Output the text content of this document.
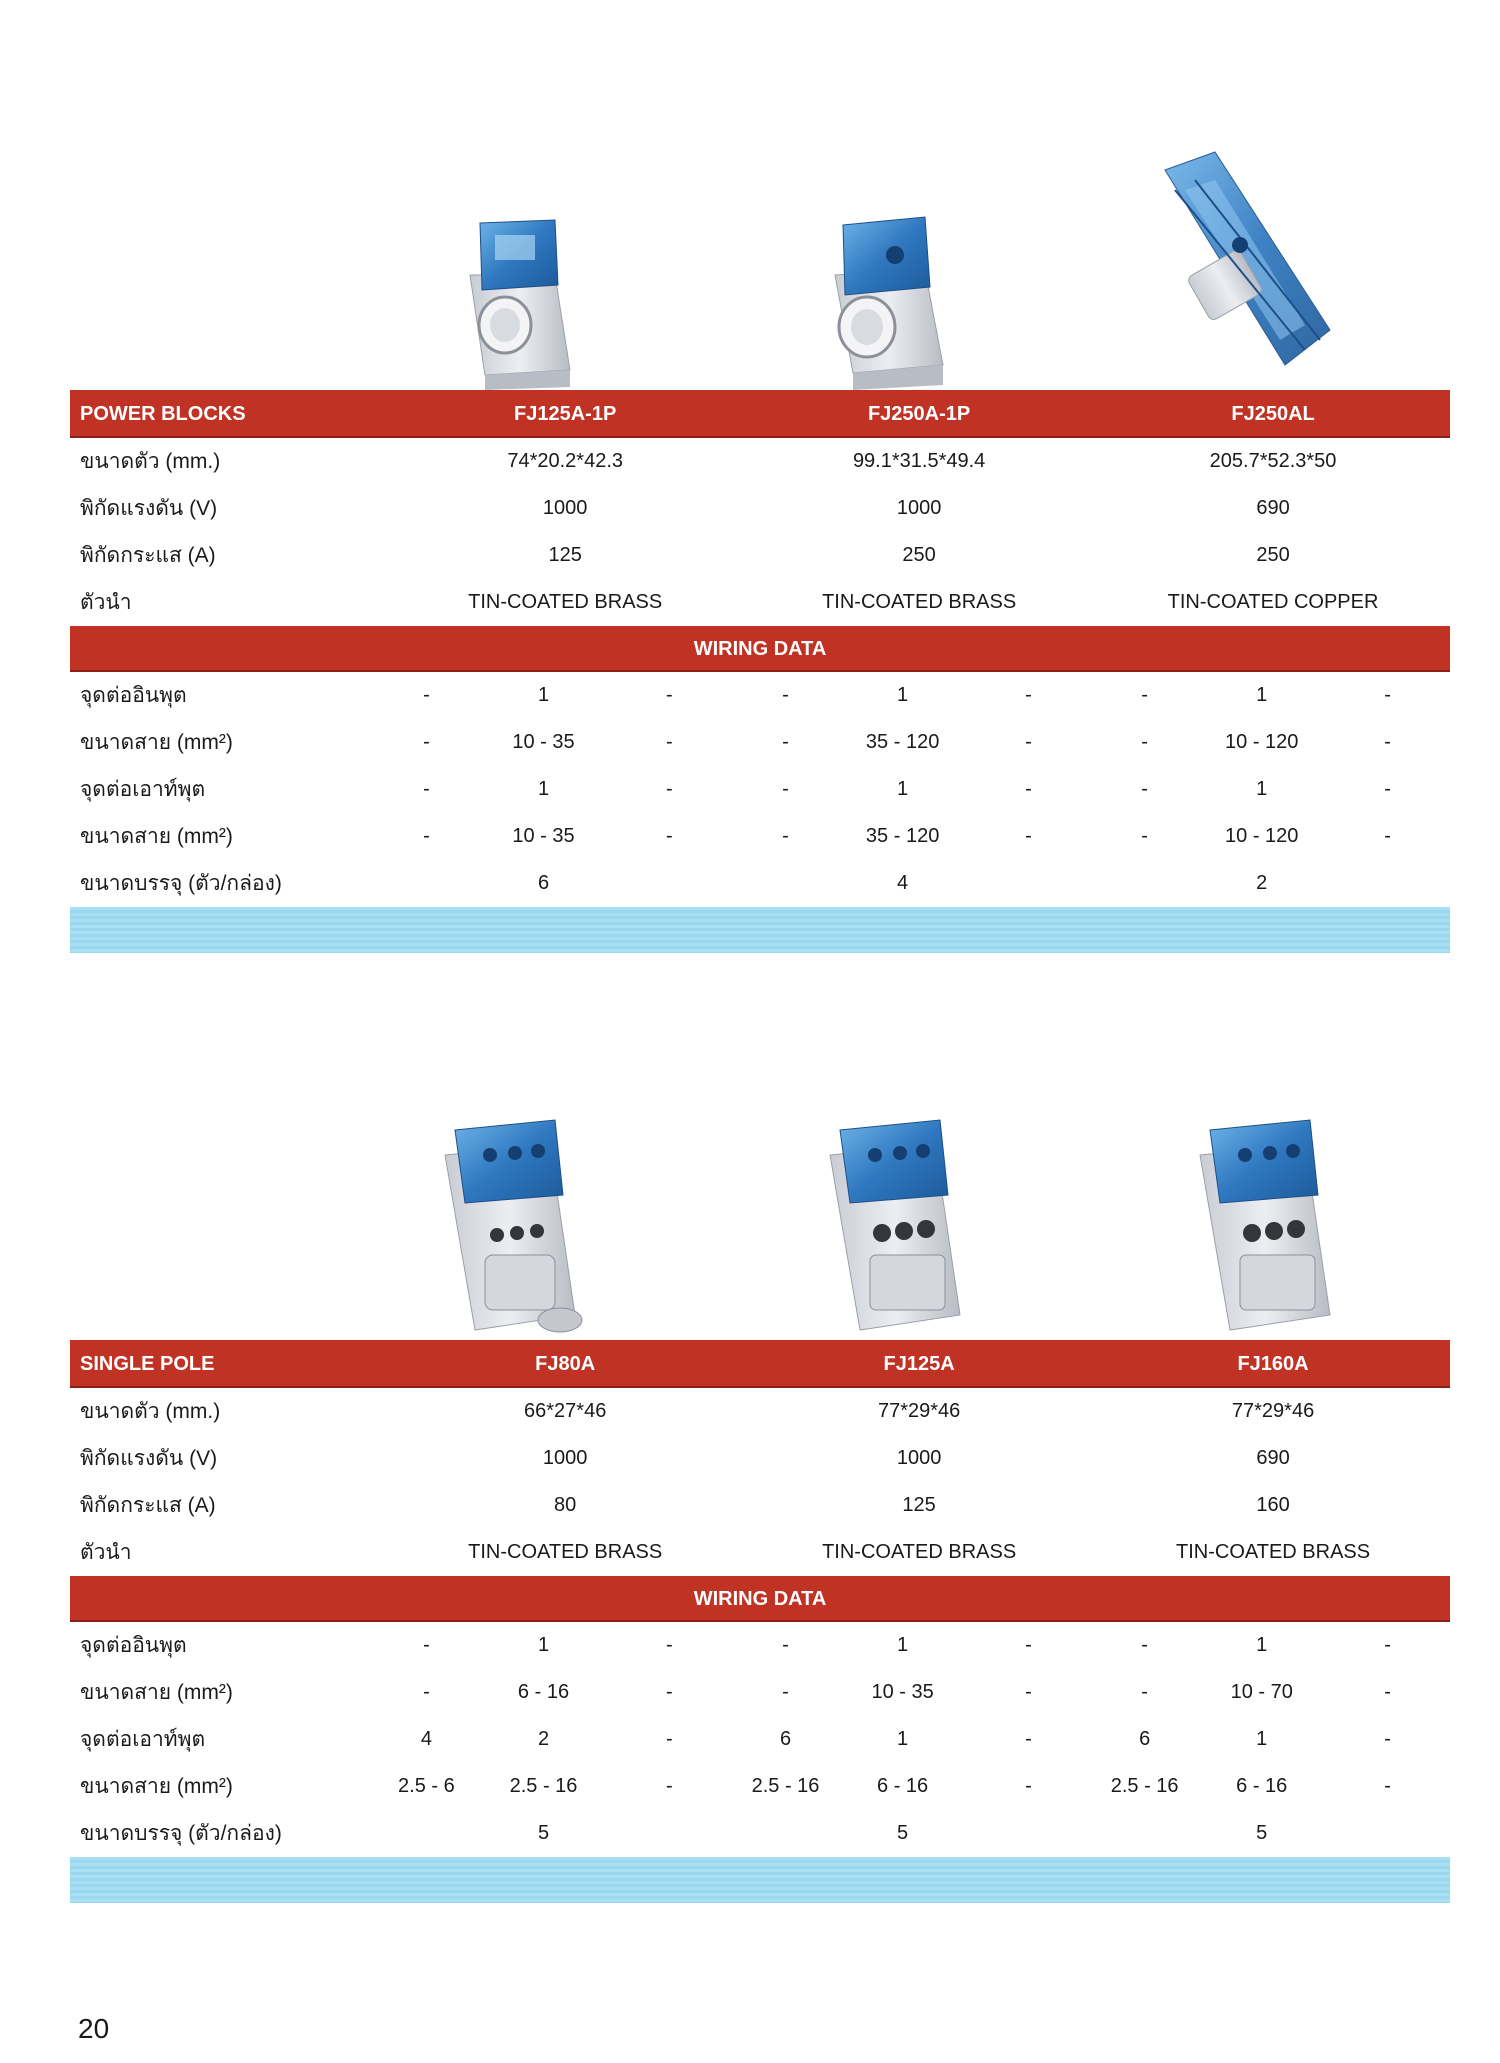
POWER BLOCKS	FJ125A-1P	FJ250A-1P	FJ250AL
ขนาดตัว (mm.)	74*20.2*42.3	99.1*31.5*49.4	205.7*52.3*50
พิกัดแรงดัน (V)	1000	1000	690
พิกัดกระแส (A)	125	250	250
ตัวนำ	TIN-COATED BRASS	TIN-COATED BRASS	TIN-COATED COPPER
WIRING DATA
จุดต่ออินพุต	-	1	-	-	1	-	-	1	-
ขนาดสาย (mm²)	-	10 - 35	-	-	35 - 120	-	-	10 - 120	-
จุดต่อเอาท์พุต	-	1	-	-	1	-	-	1	-
ขนาดสาย (mm²)	-	10 - 35	-	-	35 - 120	-	-	10 - 120	-
ขนาดบรรจุ (ตัว/กล่อง)	6	4	2
SINGLE POLE	FJ80A	FJ125A	FJ160A
ขนาดตัว (mm.)	66*27*46	77*29*46	77*29*46
พิกัดแรงดัน (V)	1000	1000	690
พิกัดกระแส (A)	80	125	160
ตัวนำ	TIN-COATED BRASS	TIN-COATED BRASS	TIN-COATED BRASS
WIRING DATA
จุดต่ออินพุต	-	1	-	-	1	-	-	1	-
ขนาดสาย (mm²)	-	6 - 16	-	-	10 - 35	-	-	10 - 70	-
จุดต่อเอาท์พุต	4	2	-	6	1	-	6	1	-
ขนาดสาย (mm²)	2.5 - 6	2.5 - 16	-	2.5 - 16	6 - 16	-	2.5 - 16	6 - 16	-
ขนาดบรรจุ (ตัว/กล่อง)	5	5	5
20
